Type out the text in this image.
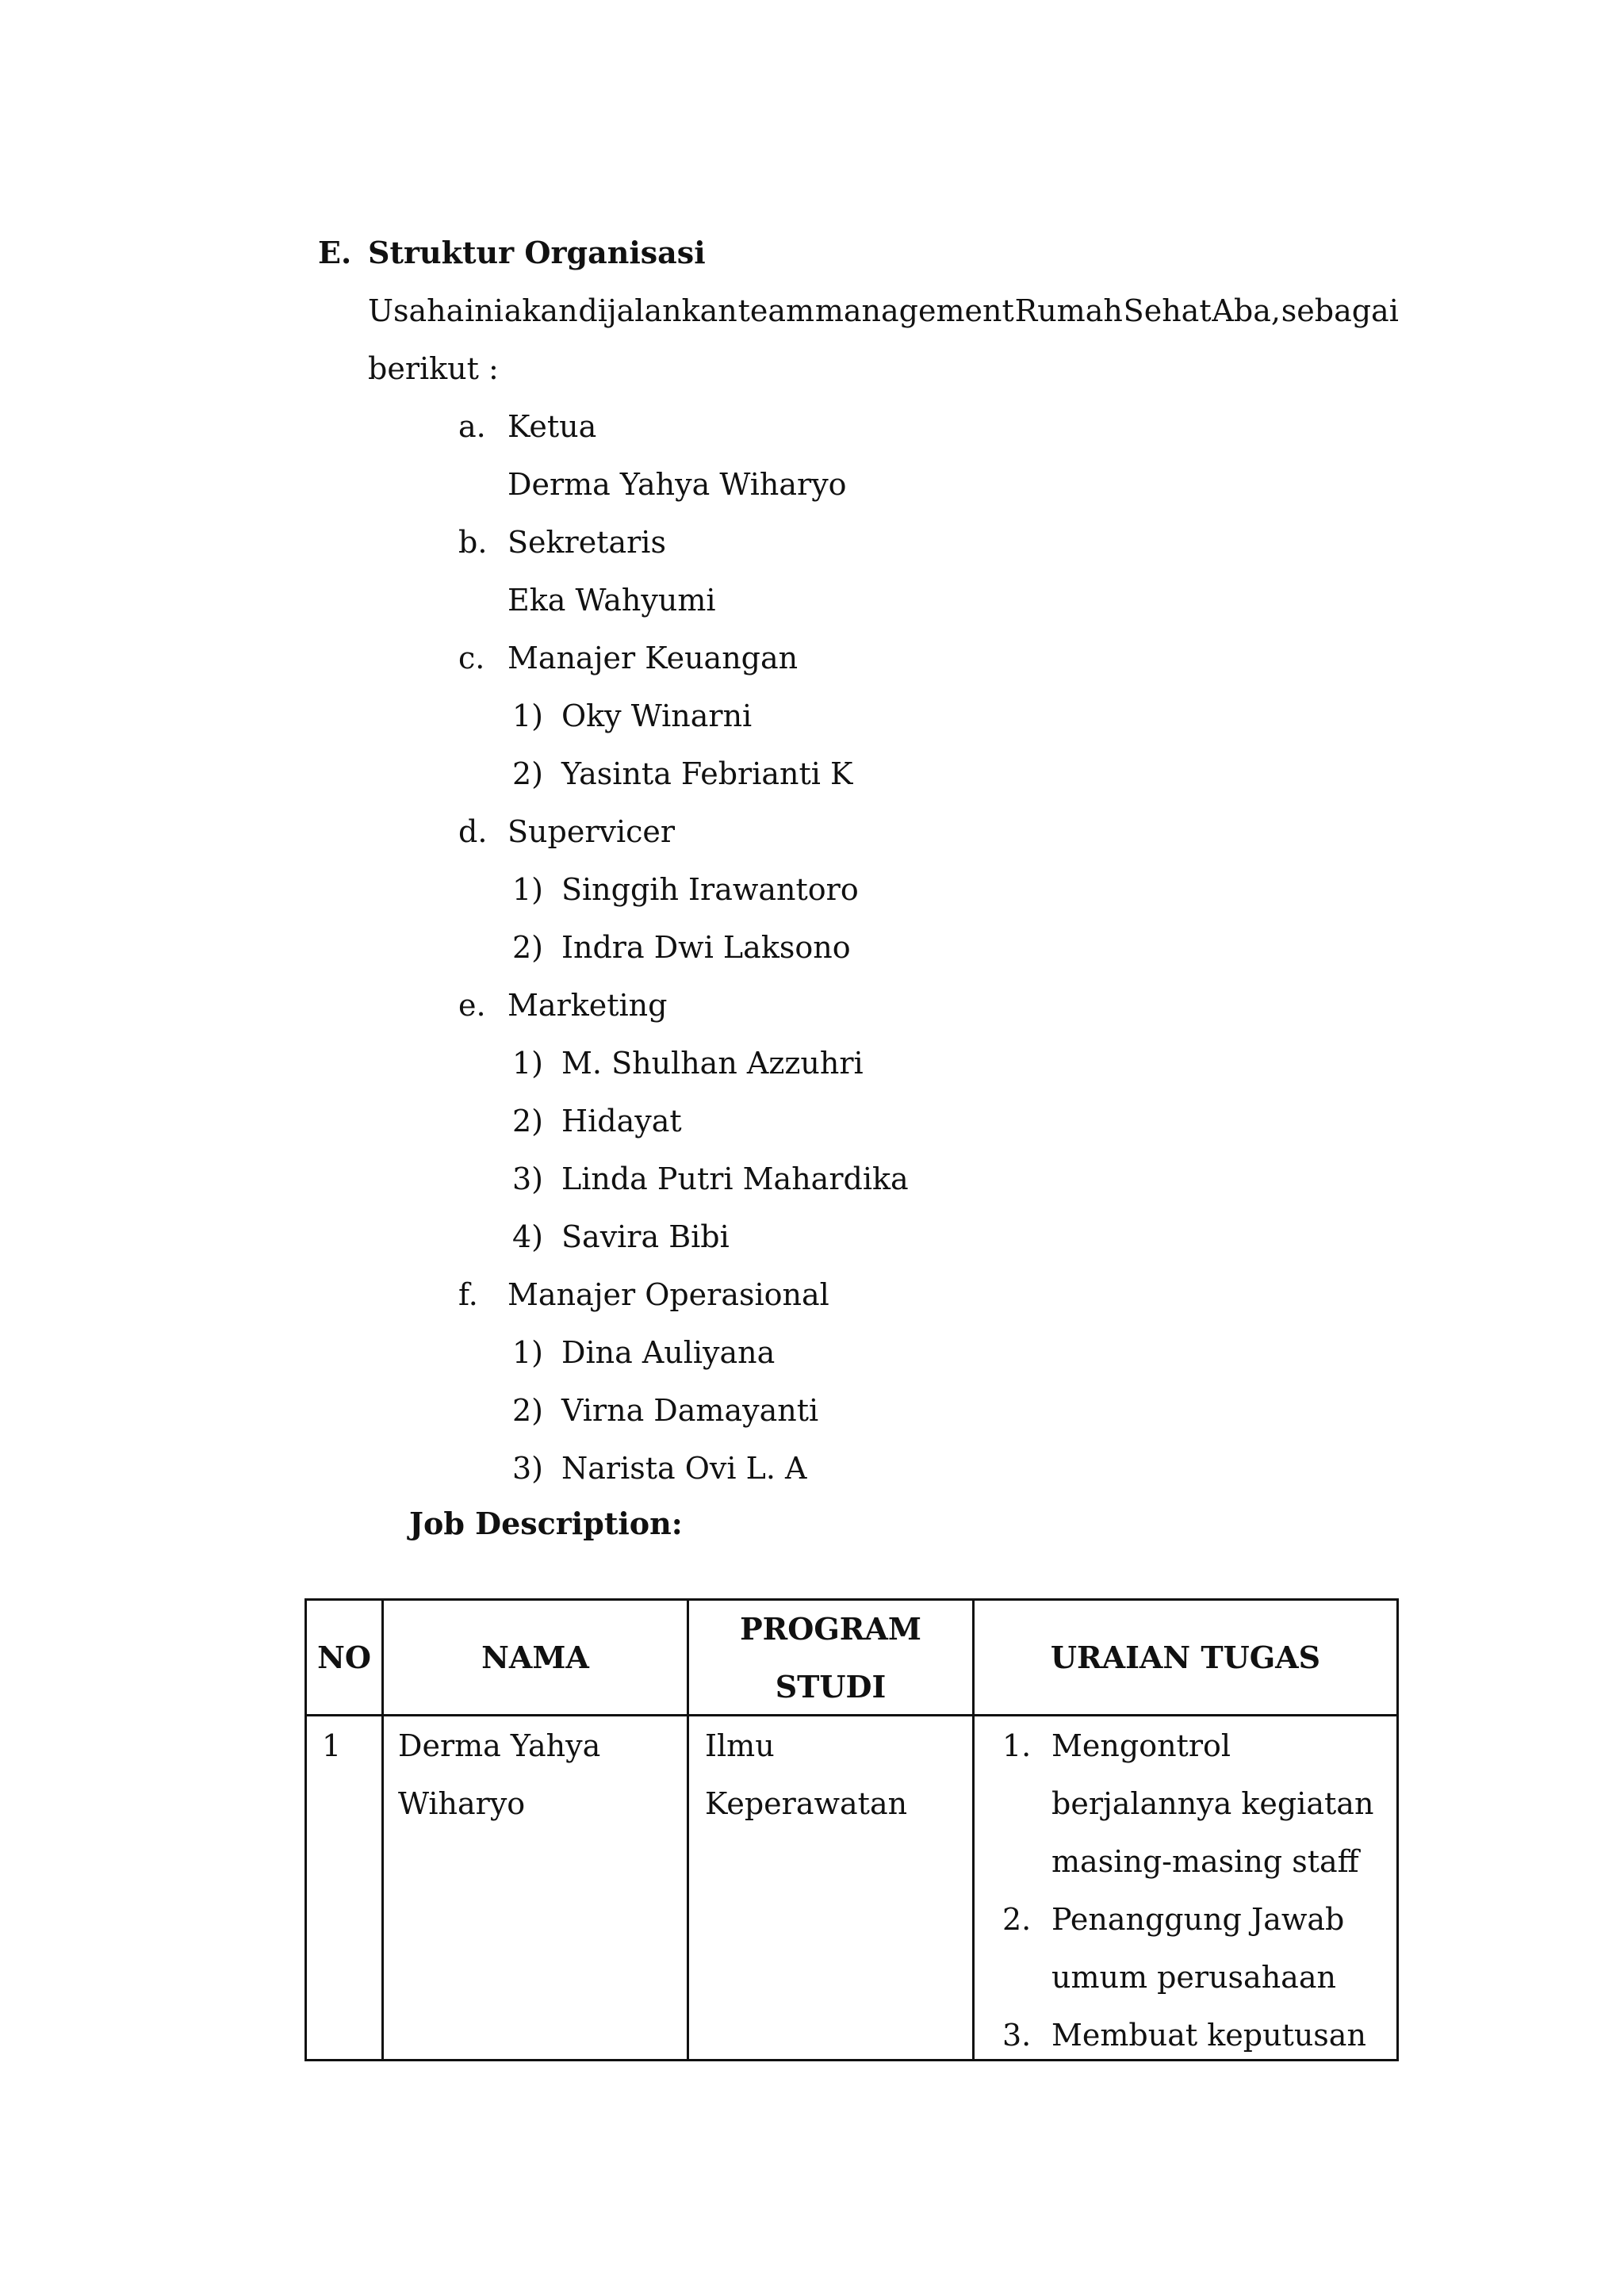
E. Struktur Organisasi
Usaha ini akan dijalankan team management Rumah Sehat Aba, sebagai
berikut :
a. Ketua
Derma Yahya Wiharyo
b. Sekretaris
Eka Wahyumi
c. Manajer Keuangan
1) Oky Winarni
2) Yasinta Febrianti K
d. Supervicer
1) Singgih Irawantoro
2) Indra Dwi Laksono
e. Marketing
1) M. Shulhan Azzuhri
2) Hidayat
3) Linda Putri Mahardika
4) Savira Bibi
f. Manajer Operasional
1) Dina Auliyana
2) Virna Damayanti
3) Narista Ovi L. A
Job Description:
NO	NAMA
PROGRAM
STUDI
URAIAN TUGAS
1 Derma Yahya
Wiharyo
Ilmu
Keperawatan
1. Mengontrol
berjalannya kegiatan
masing-masing staff
2. Penanggung Jawab
umum perusahaan
3. Membuat keputusan
